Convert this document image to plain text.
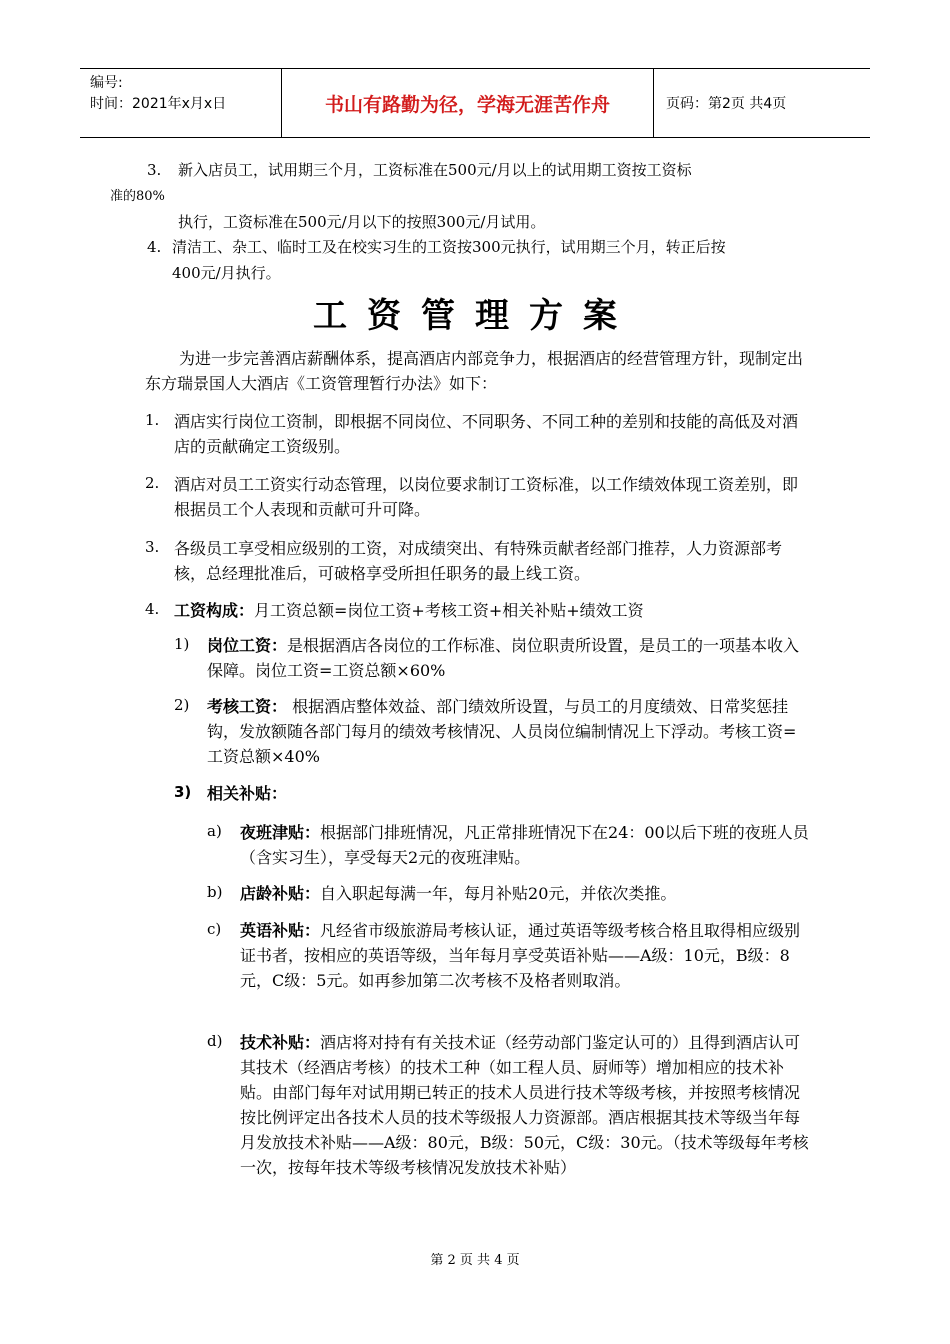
编号:
时间：2021年x月x日	书山有路勤为径，学海无涯苦作舟	页码：第2页 共4页
3. 新入店员工，试用期三个月，工资标准在500元/月以上的试用期工资按工资标

准的80%

执行，工资标准在500元/月以下的按照300元/月试用。

4. 清洁工、杂工、临时工及在校实习生的工资按300元执行，试用期三个月，转正后按

400元/月执行。

工资管理方案

为进一步完善酒店薪酬体系，提高酒店内部竞争力，根据酒店的经营管理方针，现制定出东方瑞景国人大酒店《工资管理暂行办法》如下：

1. 酒店实行岗位工资制，即根据不同岗位、不同职务、不同工种的差别和技能的高低及对酒店的贡献确定工资级别。

2. 酒店对员工工资实行动态管理，以岗位要求制订工资标准，以工作绩效体现工资差别，即根据员工个人表现和贡献可升可降。

3. 各级员工享受相应级别的工资，对成绩突出、有特殊贡献者经部门推荐，人力资源部考核，总经理批准后，可破格享受所担任职务的最上线工资。

4. 工资构成：月工资总额=岗位工资+考核工资+相关补贴+绩效工资

1) 岗位工资：是根据酒店各岗位的工作标准、岗位职责所设置，是员工的一项基本收入保障。岗位工资=工资总额×60%

2) 考核工资： 根据酒店整体效益、部门绩效所设置，与员工的月度绩效、日常奖惩挂钩，发放额随各部门每月的绩效考核情况、人员岗位编制情况上下浮动。考核工资=工资总额×40%

3) 相关补贴：

a) 夜班津贴：根据部门排班情况，凡正常排班情况下在24：00以后下班的夜班人员（含实习生），享受每天2元的夜班津贴。

b) 店龄补贴：自入职起每满一年，每月补贴20元，并依次类推。

c) 英语补贴：凡经省市级旅游局考核认证，通过英语等级考核合格且取得相应级别证书者，按相应的英语等级，当年每月享受英语补贴——A级：10元，B级：8元，C级：5元。如再参加第二次考核不及格者则取消。

d) 技术补贴：酒店将对持有有关技术证（经劳动部门鉴定认可的）且得到酒店认可其技术（经酒店考核）的技术工种（如工程人员、厨师等）增加相应的技术补贴。由部门每年对试用期已转正的技术人员进行技术等级考核，并按照考核情况按比例评定出各技术人员的技术等级报人力资源部。酒店根据其技术等级当年每月发放技术补贴——A级：80元，B级：50元，C级：30元。（技术等级每年考核一次，按每年技术等级考核情况发放技术补贴）

第 2 页 共 4 页
